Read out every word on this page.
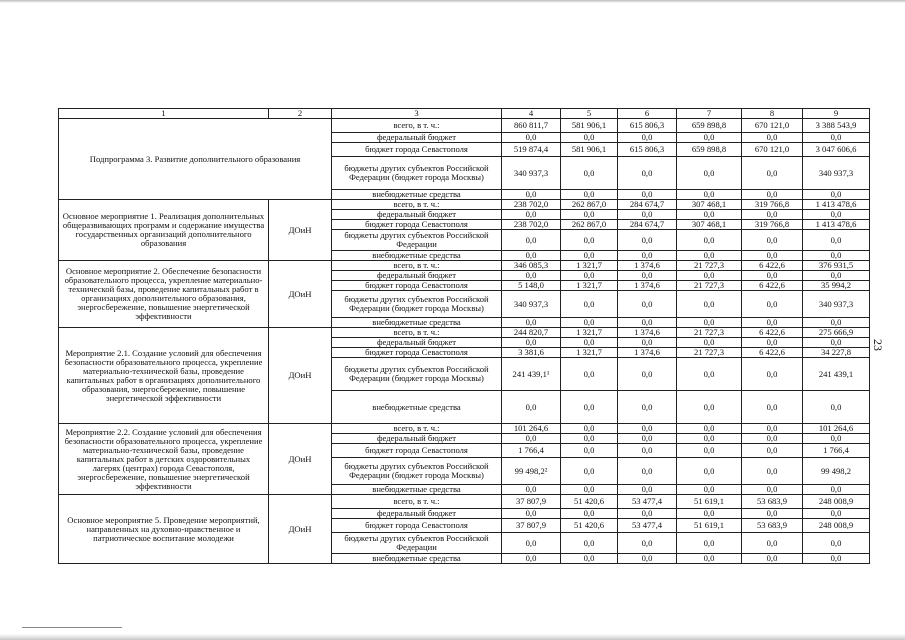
23
1	2	3	4	5	6	7	8	9
Подпрограмма 3. Развитие дополнительного образования		всего, в т. ч.:	860 811,7	581 906,1	615 806,3	659 898,8	670 121,0	3 388 543,9
		федеральный бюджет	0,0	0,0	0,0	0,0	0,0	0,0
		бюджет города Севастополя	519 874,4	581 906,1	615 806,3	659 898,8	670 121,0	3 047 606,6
		бюджеты других субъектов Российской Федерации (бюджет города Москвы)	340 937,3	0,0	0,0	0,0	0,0	340 937,3
		внебюджетные средства	0,0	0,0	0,0	0,0	0,0	0,0
Основное мероприятие 1. Реализация дополнительных общеразвивающих программ и содержание имущества государственных организаций дополнительного образования	ДОиН	всего, в т. ч.:	238 702,0	262 867,0	284 674,7	307 468,1	319 766,8	1 413 478,6
		федеральный бюджет	0,0	0,0	0,0	0,0	0,0	0,0
		бюджет города Севастополя	238 702,0	262 867,0	284 674,7	307 468,1	319 766,8	1 413 478,6
		бюджеты других субъектов Российской Федерации	0,0	0,0	0,0	0,0	0,0	0,0
		внебюджетные средства	0,0	0,0	0,0	0,0	0,0	0,0
Основное мероприятие 2. Обеспечение безопасности образовательного процесса, укрепление материально-технической базы, проведение капитальных работ в организациях дополнительного образования, энергосбережение, повышение энергетической эффективности	ДОиН	всего, в т. ч.:	346 085,3	1 321,7	1 374,6	21 727,3	6 422,6	376 931,5
		федеральный бюджет	0,0	0,0	0,0	0,0	0,0	0,0
		бюджет города Севастополя	5 148,0	1 321,7	1 374,6	21 727,3	6 422,6	35 994,2
		бюджеты других субъектов Российской Федерации (бюджет города Москвы)	340 937,3	0,0	0,0	0,0	0,0	340 937,3
		внебюджетные средства	0,0	0,0	0,0	0,0	0,0	0,0
Мероприятие 2.1. Создание условий для обеспечения безопасности образовательного процесса, укрепление материально-технической базы, проведение капитальных работ в организациях дополнительного образования, энергосбережение, повышение энергетической эффективности	ДОиН	всего, в т. ч.:	244 820,7	1 321,7	1 374,6	21 727,3	6 422,6	275 666,9
		федеральный бюджет	0,0	0,0	0,0	0,0	0,0	0,0
		бюджет города Севастополя	3 381,6	1 321,7	1 374,6	21 727,3	6 422,6	34 227,8
		бюджеты других субъектов Российской Федерации (бюджет города Москвы)	241 439,1¹	0,0	0,0	0,0	0,0	241 439,1
		внебюджетные средства	0,0	0,0	0,0	0,0	0,0	0,0
Мероприятие 2.2. Создание условий для обеспечения безопасности образовательного процесса, укрепление материально-технической базы, проведение капитальных работ в детских оздоровительных лагерях (центрах) города Севастополя, энергосбережение, повышение энергетической эффективности	ДОиН	всего, в т. ч.:	101 264,6	0,0	0,0	0,0	0,0	101 264,6
		федеральный бюджет	0,0	0,0	0,0	0,0	0,0	0,0
		бюджет города Севастополя	1 766,4	0,0	0,0	0,0	0,0	1 766,4
		бюджеты других субъектов Российской Федерации (бюджет города Москвы)	99 498,2²	0,0	0,0	0,0	0,0	99 498,2
		внебюджетные средства	0,0	0,0	0,0	0,0	0,0	0,0
Основное мероприятие 5. Проведение мероприятий, направленных на духовно-нравственное и патриотическое воспитание молодежи	ДОиН	всего, в т. ч.:	37 807,9	51 420,6	53 477,4	51 619,1	53 683,9	248 008,9
		федеральный бюджет	0,0	0,0	0,0	0,0	0,0	0,0
		бюджет города Севастополя	37 807,9	51 420,6	53 477,4	51 619,1	53 683,9	248 008,9
		бюджеты других субъектов Российской Федерации	0,0	0,0	0,0	0,0	0,0	0,0
		внебюджетные средства	0,0	0,0	0,0	0,0	0,0	0,0
